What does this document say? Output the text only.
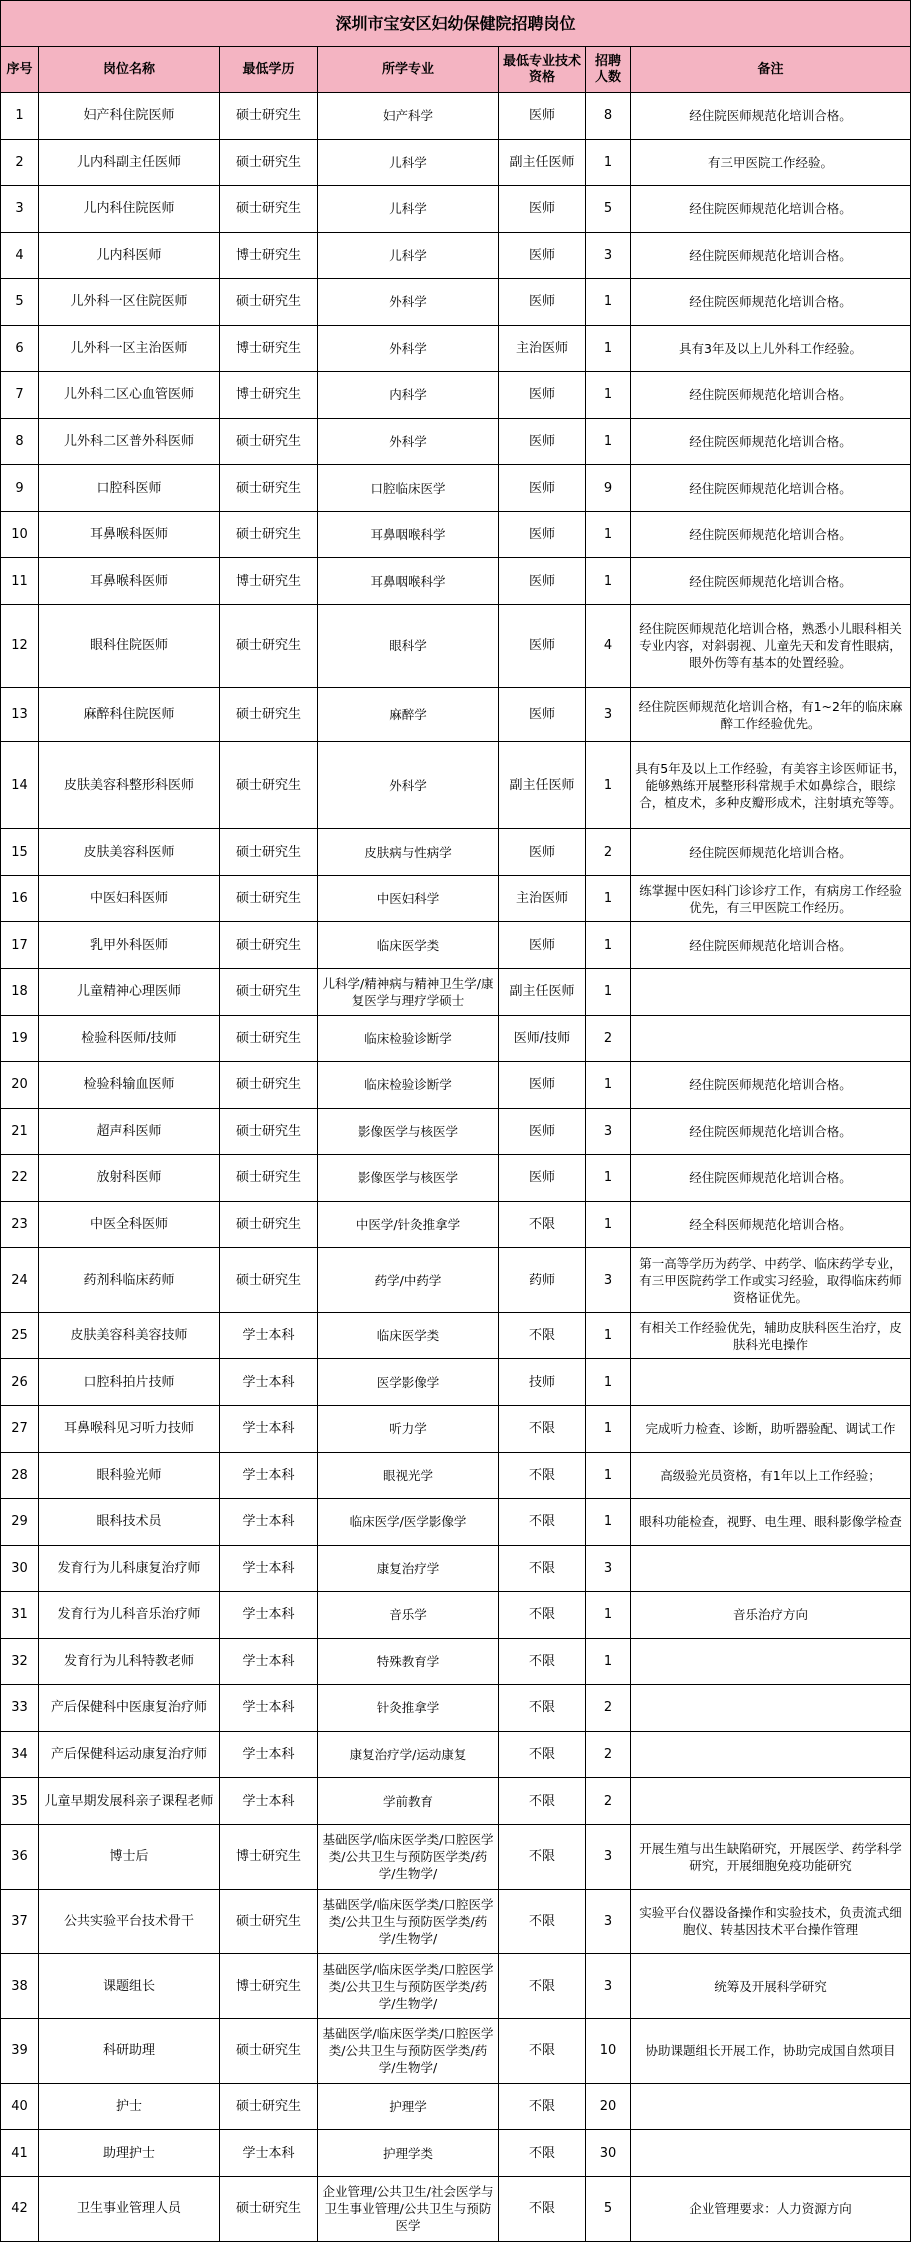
深圳市宝安区妇幼保健院招聘岗位						
序号	岗位名称	最低学历	所学专业	最低专业技术资格	招聘人数	备注
1	妇产科住院医师	硕士研究生	妇产科学	医师	8	经住院医师规范化培训合格。
2	儿内科副主任医师	硕士研究生	儿科学	副主任医师	1	有三甲医院工作经验。
3	儿内科住院医师	硕士研究生	儿科学	医师	5	经住院医师规范化培训合格。
4	儿内科医师	博士研究生	儿科学	医师	3	经住院医师规范化培训合格。
5	儿外科一区住院医师	硕士研究生	外科学	医师	1	经住院医师规范化培训合格。
6	儿外科一区主治医师	博士研究生	外科学	主治医师	1	具有3年及以上儿外科工作经验。
7	儿外科二区心血管医师	博士研究生	内科学	医师	1	经住院医师规范化培训合格。
8	儿外科二区普外科医师	硕士研究生	外科学	医师	1	经住院医师规范化培训合格。
9	口腔科医师	硕士研究生	口腔临床医学	医师	9	经住院医师规范化培训合格。
10	耳鼻喉科医师	硕士研究生	耳鼻咽喉科学	医师	1	经住院医师规范化培训合格。
11	耳鼻喉科医师	博士研究生	耳鼻咽喉科学	医师	1	经住院医师规范化培训合格。
12	眼科住院医师	硕士研究生	眼科学	医师	4	经住院医师规范化培训合格，熟悉小儿眼科相关专业内容，对斜弱视、儿童先天和发育性眼病，眼外伤等有基本的处置经验。
13	麻醉科住院医师	硕士研究生	麻醉学	医师	3	经住院医师规范化培训合格，有1~2年的临床麻醉工作经验优先。
14	皮肤美容科整形科医师	硕士研究生	外科学	副主任医师	1	具有5年及以上工作经验，有美容主诊医师证书，能够熟练开展整形科常规手术如鼻综合，眼综合，植皮术，多种皮瓣形成术，注射填充等等。
15	皮肤美容科医师	硕士研究生	皮肤病与性病学	医师	2	经住院医师规范化培训合格。
16	中医妇科医师	硕士研究生	中医妇科学	主治医师	1	练掌握中医妇科门诊诊疗工作，有病房工作经验优先，有三甲医院工作经历。
17	乳甲外科医师	硕士研究生	临床医学类	医师	1	经住院医师规范化培训合格。
18	儿童精神心理医师	硕士研究生	儿科学/精神病与精神卫生学/康复医学与理疗学硕士	副主任医师	1	
19	检验科医师/技师	硕士研究生	临床检验诊断学	医师/技师	2	
20	检验科输血医师	硕士研究生	临床检验诊断学	医师	1	经住院医师规范化培训合格。
21	超声科医师	硕士研究生	影像医学与核医学	医师	3	经住院医师规范化培训合格。
22	放射科医师	硕士研究生	影像医学与核医学	医师	1	经住院医师规范化培训合格。
23	中医全科医师	硕士研究生	中医学/针灸推拿学	不限	1	经全科医师规范化培训合格。
24	药剂科临床药师	硕士研究生	药学/中药学	药师	3	第一高等学历为药学、中药学、临床药学专业，有三甲医院药学工作或实习经验，取得临床药师资格证优先。
25	皮肤美容科美容技师	学士本科	临床医学类	不限	1	有相关工作经验优先，辅助皮肤科医生治疗，皮肤科光电操作
26	口腔科拍片技师	学士本科	医学影像学	技师	1	
27	耳鼻喉科见习听力技师	学士本科	听力学	不限	1	完成听力检查、诊断，助听器验配、调试工作
28	眼科验光师	学士本科	眼视光学	不限	1	高级验光员资格，有1年以上工作经验；
29	眼科技术员	学士本科	临床医学/医学影像学	不限	1	眼科功能检查，视野、电生理、眼科影像学检查
30	发育行为儿科康复治疗师	学士本科	康复治疗学	不限	3	
31	发育行为儿科音乐治疗师	学士本科	音乐学	不限	1	音乐治疗方向
32	发育行为儿科特教老师	学士本科	特殊教育学	不限	1	
33	产后保健科中医康复治疗师	学士本科	针灸推拿学	不限	2	
34	产后保健科运动康复治疗师	学士本科	康复治疗学/运动康复	不限	2	
35	儿童早期发展科亲子课程老师	学士本科	学前教育	不限	2	
36	博士后	博士研究生	基础医学/临床医学类/口腔医学类/公共卫生与预防医学类/药学/生物学/	不限	3	开展生殖与出生缺陷研究，开展医学、药学科学研究，开展细胞免疫功能研究
37	公共实验平台技术骨干	硕士研究生	基础医学/临床医学类/口腔医学类/公共卫生与预防医学类/药学/生物学/	不限	3	实验平台仪器设备操作和实验技术，负责流式细胞仪、转基因技术平台操作管理
38	课题组长	博士研究生	基础医学/临床医学类/口腔医学类/公共卫生与预防医学类/药学/生物学/	不限	3	统筹及开展科学研究
39	科研助理	硕士研究生	基础医学/临床医学类/口腔医学类/公共卫生与预防医学类/药学/生物学/	不限	10	协助课题组长开展工作，协助完成国自然项目
40	护士	硕士研究生	护理学	不限	20	
41	助理护士	学士本科	护理学类	不限	30	
42	卫生事业管理人员	硕士研究生	企业管理/公共卫生/社会医学与卫生事业管理/公共卫生与预防医学	不限	5	企业管理要求：人力资源方向
